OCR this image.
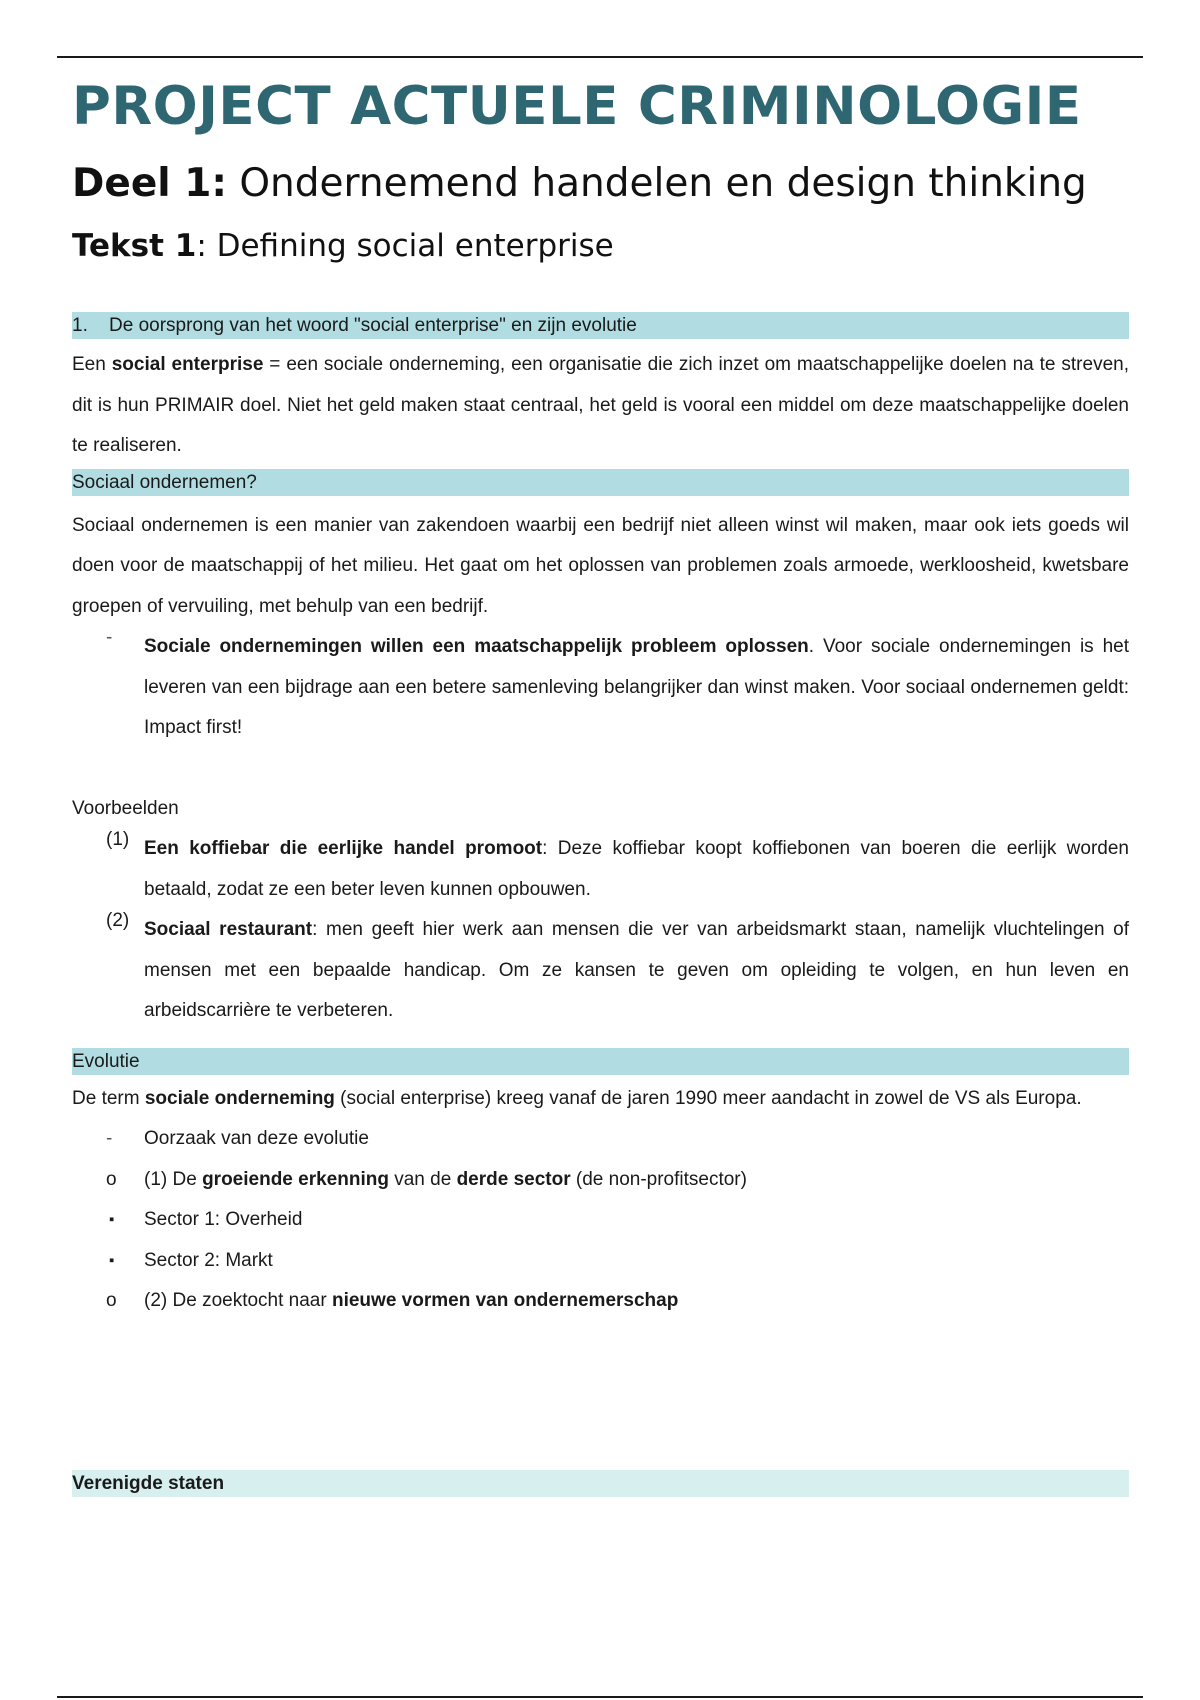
PROJECT ACTUELE CRIMINOLOGIE
Deel 1: Ondernemend handelen en design thinking
Tekst 1: Defining social enterprise
1. De oorsprong van het woord "social enterprise" en zijn evolutie

Een social enterprise = een sociale onderneming, een organisatie die zich inzet om maatschappelijke doelen na te streven, dit is hun PRIMAIR doel. Niet het geld maken staat centraal, het geld is vooral een middel om deze maatschappelijke doelen te realiseren.

Sociaal ondernemen?

Sociaal ondernemen is een manier van zakendoen waarbij een bedrijf niet alleen winst wil maken, maar ook iets goeds wil doen voor de maatschappij of het milieu. Het gaat om het oplossen van problemen zoals armoede, werkloosheid, kwetsbare groepen of vervuiling, met behulp van een bedrijf.

- Sociale ondernemingen willen een maatschappelijk probleem oplossen. Voor sociale ondernemingen is het leveren van een bijdrage aan een betere samenleving belangrijker dan winst maken. Voor sociaal ondernemen geldt: Impact first!

Voorbeelden
(1) Een koffiebar die eerlijke handel promoot: Deze koffiebar koopt koffiebonen van boeren die eerlijk worden betaald, zodat ze een beter leven kunnen opbouwen.

(2) Sociaal restaurant: men geeft hier werk aan mensen die ver van arbeidsmarkt staan, namelijk vluchtelingen of mensen met een bepaalde handicap. Om ze kansen te geven om opleiding te volgen, en hun leven en arbeidscarrière te verbeteren.

Evolutie

De term sociale onderneming (social enterprise) kreeg vanaf de jaren 1990 meer aandacht in zowel de VS als Europa.

- Oorzaak van deze evolutie
o (1) De groeiende erkenning van de derde sector (de non-profitsector)
▪ Sector 1: Overheid
▪ Sector 2: Markt
o (2) De zoektocht naar nieuwe vormen van ondernemerschap
Verenigde staten
